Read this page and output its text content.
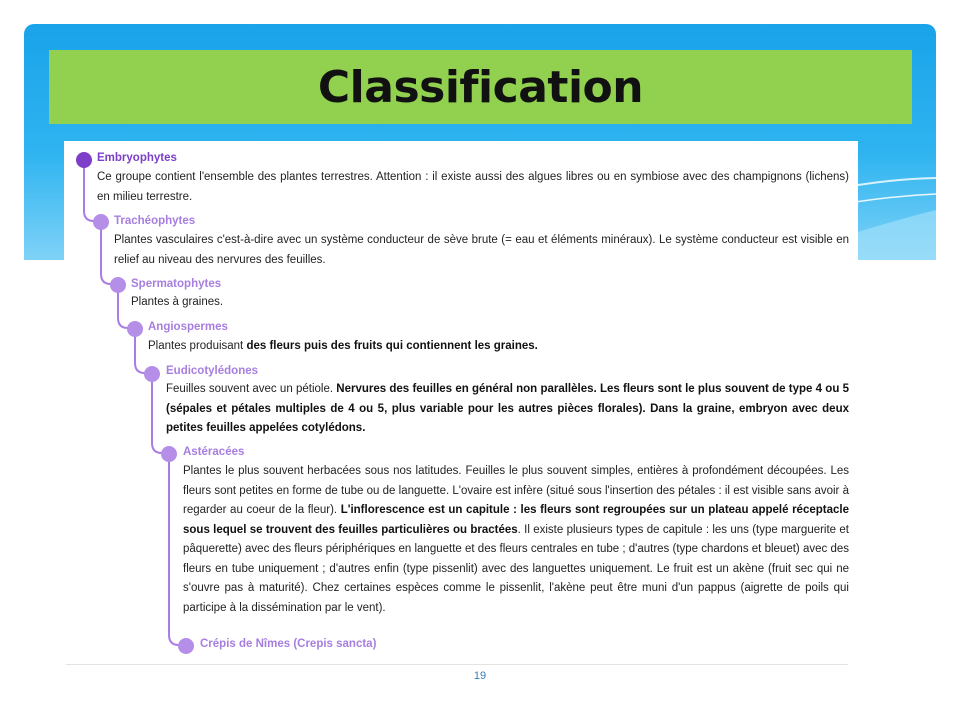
Classification
Embryophytes
Ce groupe contient l'ensemble des plantes terrestres. Attention : il existe aussi des algues libres ou en symbiose avec des champignons (lichens) en milieu terrestre.
Trachéophytes
Plantes vasculaires c'est-à-dire avec un système conducteur de sève brute (= eau et éléments minéraux). Le système conducteur est visible en relief au niveau des nervures des feuilles.
Spermatophytes
Plantes à graines.
Angiospermes
Plantes produisant des fleurs puis des fruits qui contiennent les graines.
Eudicotylédones
Feuilles souvent avec un pétiole. Nervures des feuilles en général non parallèles. Les fleurs sont le plus souvent de type 4 ou 5 (sépales et pétales multiples de 4 ou 5, plus variable pour les autres pièces florales). Dans la graine, embryon avec deux petites feuilles appelées cotylédons.
Astéracées
Plantes le plus souvent herbacées sous nos latitudes. Feuilles le plus souvent simples, entières à profondément découpées. Les fleurs sont petites en forme de tube ou de languette. L'ovaire est infère (situé sous l'insertion des pétales : il est visible sans avoir à regarder au coeur de la fleur). L'inflorescence est un capitule : les fleurs sont regroupées sur un plateau appelé réceptacle sous lequel se trouvent des feuilles particulières ou bractées. Il existe plusieurs types de capitule : les uns (type marguerite et pâquerette) avec des fleurs périphériques en languette et des fleurs centrales en tube ; d'autres (type chardons et bleuet) avec des fleurs en tube uniquement ; d'autres enfin (type pissenlit) avec des languettes uniquement. Le fruit est un akène (fruit sec qui ne s'ouvre pas à maturité). Chez certaines espèces comme le pissenlit, l'akène peut être muni d'un pappus (aigrette de poils qui participe à la dissémination par le vent).
Crépis de Nîmes (Crepis sancta)
19
